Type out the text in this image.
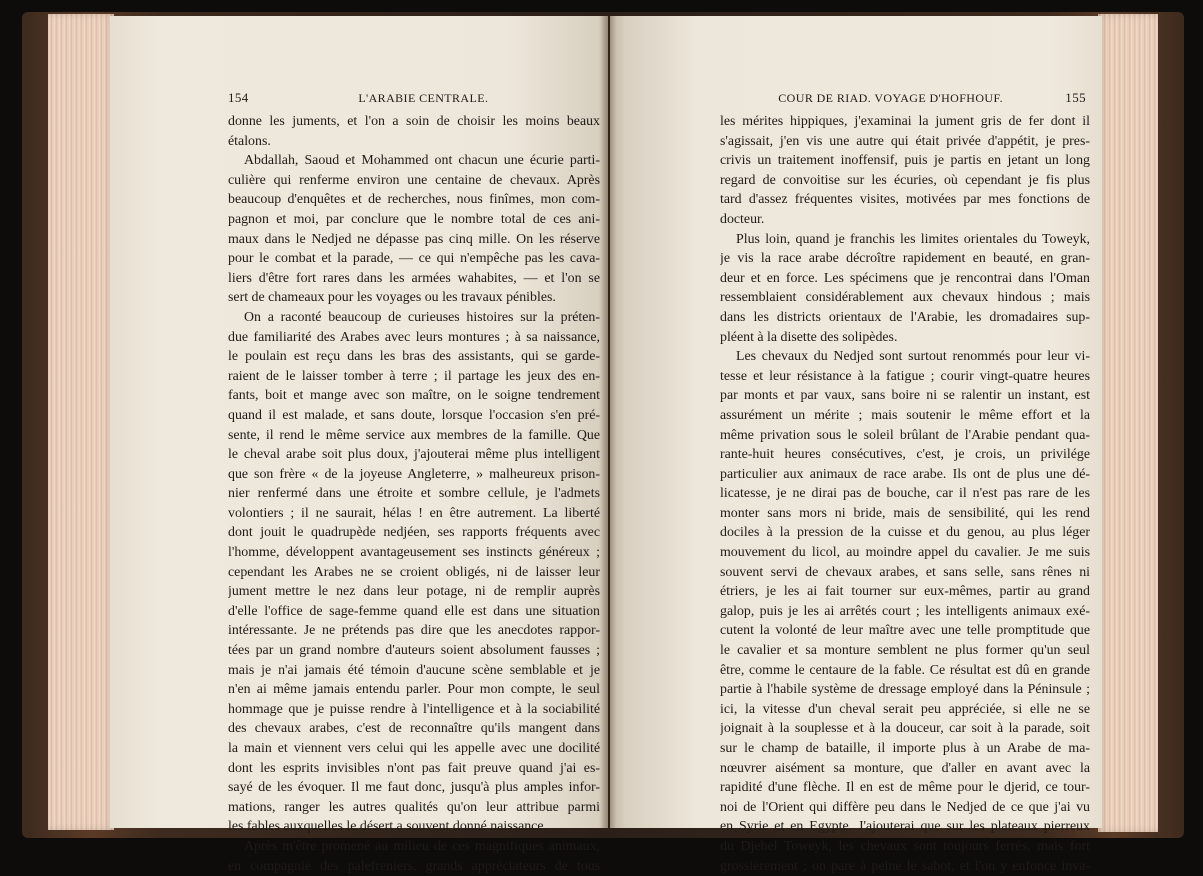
154	L'ARABIE CENTRALE.
donne les juments, et l'on a soin de choisir les moins beaux
étalons.
Abdallah, Saoud et Mohammed ont chacun une écurie parti-
culière qui renferme environ une centaine de chevaux. Après
beaucoup d'enquêtes et de recherches, nous finîmes, mon com-
pagnon et moi, par conclure que le nombre total de ces ani-
maux dans le Nedjed ne dépasse pas cinq mille. On les réserve
pour le combat et la parade, — ce qui n'empêche pas les cava-
liers d'être fort rares dans les armées wahabites, — et l'on se
sert de chameaux pour les voyages ou les travaux pénibles.
On a raconté beaucoup de curieuses histoires sur la préten-
due familiarité des Arabes avec leurs montures ; à sa naissance,
le poulain est reçu dans les bras des assistants, qui se garde-
raient de le laisser tomber à terre ; il partage les jeux des en-
fants, boit et mange avec son maître, on le soigne tendrement
quand il est malade, et sans doute, lorsque l'occasion s'en pré-
sente, il rend le même service aux membres de la famille. Que
le cheval arabe soit plus doux, j'ajouterai même plus intelligent
que son frère « de la joyeuse Angleterre, » malheureux prison-
nier renfermé dans une étroite et sombre cellule, je l'admets
volontiers ; il ne saurait, hélas ! en être autrement. La liberté
dont jouit le quadrupède nedjéen, ses rapports fréquents avec
l'homme, développent avantageusement ses instincts généreux ;
cependant les Arabes ne se croient obligés, ni de laisser leur
jument mettre le nez dans leur potage, ni de remplir auprès
d'elle l'office de sage-femme quand elle est dans une situation
intéressante. Je ne prétends pas dire que les anecdotes rappor-
tées par un grand nombre d'auteurs soient absolument fausses ;
mais je n'ai jamais été témoin d'aucune scène semblable et je
n'en ai même jamais entendu parler. Pour mon compte, le seul
hommage que je puisse rendre à l'intelligence et à la sociabilité
des chevaux arabes, c'est de reconnaître qu'ils mangent dans
la main et viennent vers celui qui les appelle avec une docilité
dont les esprits invisibles n'ont pas fait preuve quand j'ai es-
sayé de les évoquer. Il me faut donc, jusqu'à plus amples infor-
mations, ranger les autres qualités qu'on leur attribue parmi
les fables auxquelles le désert a souvent donné naissance.
Après m'être promené au milieu de ces magnifiques animaux,
en compagnie des palefreniers, grands appréciateurs de tous
COUR DE RIAD. VOYAGE D'HOFHOUF.	155
les mérites hippiques, j'examinai la jument gris de fer dont il
s'agissait, j'en vis une autre qui était privée d'appétit, je pres-
crivis un traitement inoffensif, puis je partis en jetant un long
regard de convoitise sur les écuries, où cependant je fis plus
tard d'assez fréquentes visites, motivées par mes fonctions de
docteur.
Plus loin, quand je franchis les limites orientales du Toweyk,
je vis la race arabe décroître rapidement en beauté, en gran-
deur et en force. Les spécimens que je rencontrai dans l'Oman
ressemblaient considérablement aux chevaux hindous ; mais
dans les districts orientaux de l'Arabie, les dromadaires sup-
pléent à la disette des solipèdes.
Les chevaux du Nedjed sont surtout renommés pour leur vi-
tesse et leur résistance à la fatigue ; courir vingt-quatre heures
par monts et par vaux, sans boire ni se ralentir un instant, est
assurément un mérite ; mais soutenir le même effort et la
même privation sous le soleil brûlant de l'Arabie pendant qua-
rante-huit heures consécutives, c'est, je crois, un privilége
particulier aux animaux de race arabe. Ils ont de plus une dé-
licatesse, je ne dirai pas de bouche, car il n'est pas rare de les
monter sans mors ni bride, mais de sensibilité, qui les rend
dociles à la pression de la cuisse et du genou, au plus léger
mouvement du licol, au moindre appel du cavalier. Je me suis
souvent servi de chevaux arabes, et sans selle, sans rênes ni
étriers, je les ai fait tourner sur eux-mêmes, partir au grand
galop, puis je les ai arrêtés court ; les intelligents animaux exé-
cutent la volonté de leur maître avec une telle promptitude que
le cavalier et sa monture semblent ne plus former qu'un seul
être, comme le centaure de la fable. Ce résultat est dû en grande
partie à l'habile système de dressage employé dans la Péninsule ;
ici, la vitesse d'un cheval serait peu appréciée, si elle ne se
joignait à la souplesse et à la douceur, car soit à la parade, soit
sur le champ de bataille, il importe plus à un Arabe de ma-
nœuvrer aisément sa monture, que d'aller en avant avec la
rapidité d'une flèche. Il en est de même pour le djerid, ce tour-
noi de l'Orient qui diffère peu dans le Nedjed de ce que j'ai vu
en Syrie et en Egypte. J'ajouterai que sur les plateaux pierreux
du Djebel Toweyk, les chevaux sont toujours ferrés, mais fort
grossièrement ; on pare à peine le sabot, et l'on y enfonce inva-
